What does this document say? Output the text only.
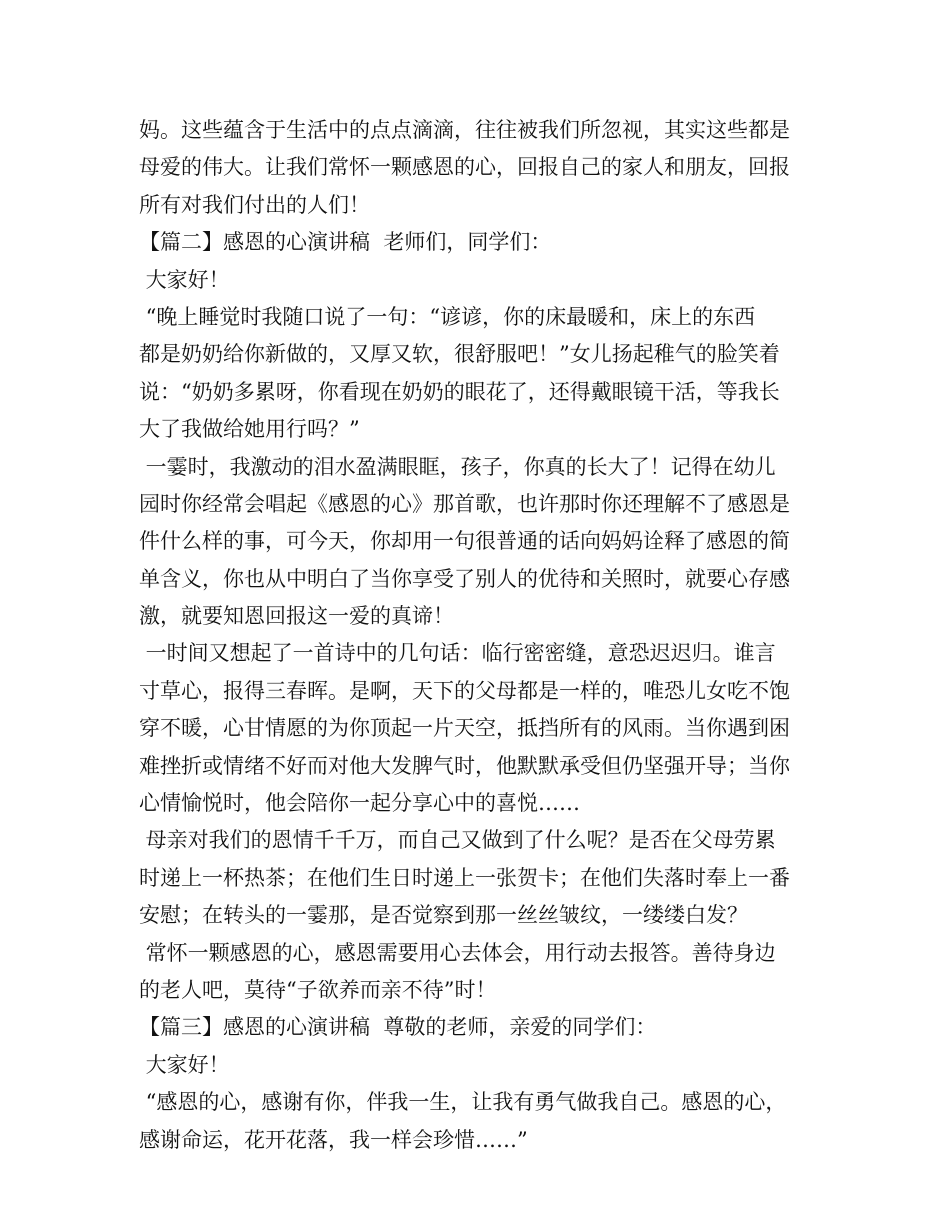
妈。这些蕴含于生活中的点点滴滴，往往被我们所忽视，其实这些都是
母爱的伟大。让我们常怀一颗感恩的心，回报自己的家人和朋友，回报
所有对我们付出的人们！
【篇二】感恩的心演讲稿  老师们，同学们：
大家好！
“晚上睡觉时我随口说了一句：“谚谚，你的床最暖和，床上的东西
都是奶奶给你新做的，又厚又软，很舒服吧！”女儿扬起稚气的脸笑着
说：“奶奶多累呀，你看现在奶奶的眼花了，还得戴眼镜干活，等我长
大了我做给她用行吗？”
一霎时，我激动的泪水盈满眼眶，孩子，你真的长大了！记得在幼儿
园时你经常会唱起《感恩的心》那首歌，也许那时你还理解不了感恩是
件什么样的事，可今天，你却用一句很普通的话向妈妈诠释了感恩的简
单含义，你也从中明白了当你享受了别人的优待和关照时，就要心存感
激，就要知恩回报这一爱的真谛！
一时间又想起了一首诗中的几句话：临行密密缝，意恐迟迟归。谁言
寸草心，报得三春晖。是啊，天下的父母都是一样的，唯恐儿女吃不饱
穿不暖，心甘情愿的为你顶起一片天空，抵挡所有的风雨。当你遇到困
难挫折或情绪不好而对他大发脾气时，他默默承受但仍坚强开导；当你
心情愉悦时，他会陪你一起分享心中的喜悦……
母亲对我们的恩情千千万，而自己又做到了什么呢？是否在父母劳累
时递上一杯热茶；在他们生日时递上一张贺卡；在他们失落时奉上一番
安慰；在转头的一霎那，是否觉察到那一丝丝皱纹，一缕缕白发？
常怀一颗感恩的心，感恩需要用心去体会，用行动去报答。善待身边
的老人吧，莫待“子欲养而亲不待”时！
【篇三】感恩的心演讲稿  尊敬的老师，亲爱的同学们：
大家好！
“感恩的心，感谢有你，伴我一生，让我有勇气做我自己。感恩的心，
感谢命运，花开花落，我一样会珍惜……”
